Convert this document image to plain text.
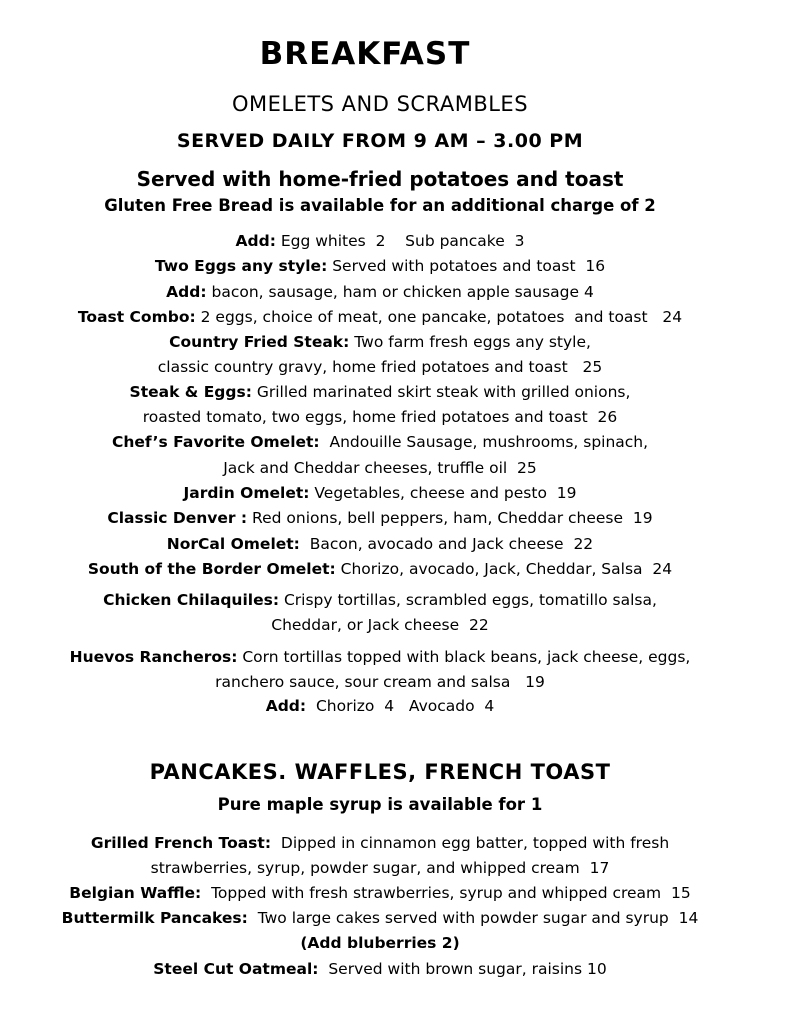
BREAKFAST
OMELETS AND SCRAMBLES
SERVED DAILY FROM 9 AM – 3.00 PM
Served with home-fried potatoes and toast
Gluten Free Bread is available for an additional charge of 2
Add: Egg whites  2    Sub pancake  3
Two Eggs any style: Served with potatoes and toast  16
Add: bacon, sausage, ham or chicken apple sausage 4
Toast Combo: 2 eggs, choice of meat, one pancake, potatoes  and toast   24
Country Fried Steak: Two farm fresh eggs any style,
classic country gravy, home fried potatoes and toast   25
Steak & Eggs: Grilled marinated skirt steak with grilled onions,
roasted tomato, two eggs, home fried potatoes and toast  26
Chef’s Favorite Omelet:  Andouille Sausage, mushrooms, spinach,
Jack and Cheddar cheeses, truffle oil  25
Jardin Omelet: Vegetables, cheese and pesto  19
Classic Denver : Red onions, bell peppers, ham, Cheddar cheese  19
NorCal Omelet:  Bacon, avocado and Jack cheese  22
South of the Border Omelet: Chorizo, avocado, Jack, Cheddar, Salsa  24
Chicken Chilaquiles: Crispy tortillas, scrambled eggs, tomatillo salsa,
Cheddar, or Jack cheese  22
Huevos Rancheros: Corn tortillas topped with black beans, jack cheese, eggs,
ranchero sauce, sour cream and salsa   19
Add:  Chorizo  4   Avocado  4
PANCAKES. WAFFLES, FRENCH TOAST
Pure maple syrup is available for 1
Grilled French Toast:  Dipped in cinnamon egg batter, topped with fresh
strawberries, syrup, powder sugar, and whipped cream  17
Belgian Waffle:  Topped with fresh strawberries, syrup and whipped cream  15
Buttermilk Pancakes:  Two large cakes served with powder sugar and syrup  14
(Add bluberries 2)
Steel Cut Oatmeal:  Served with brown sugar, raisins 10
